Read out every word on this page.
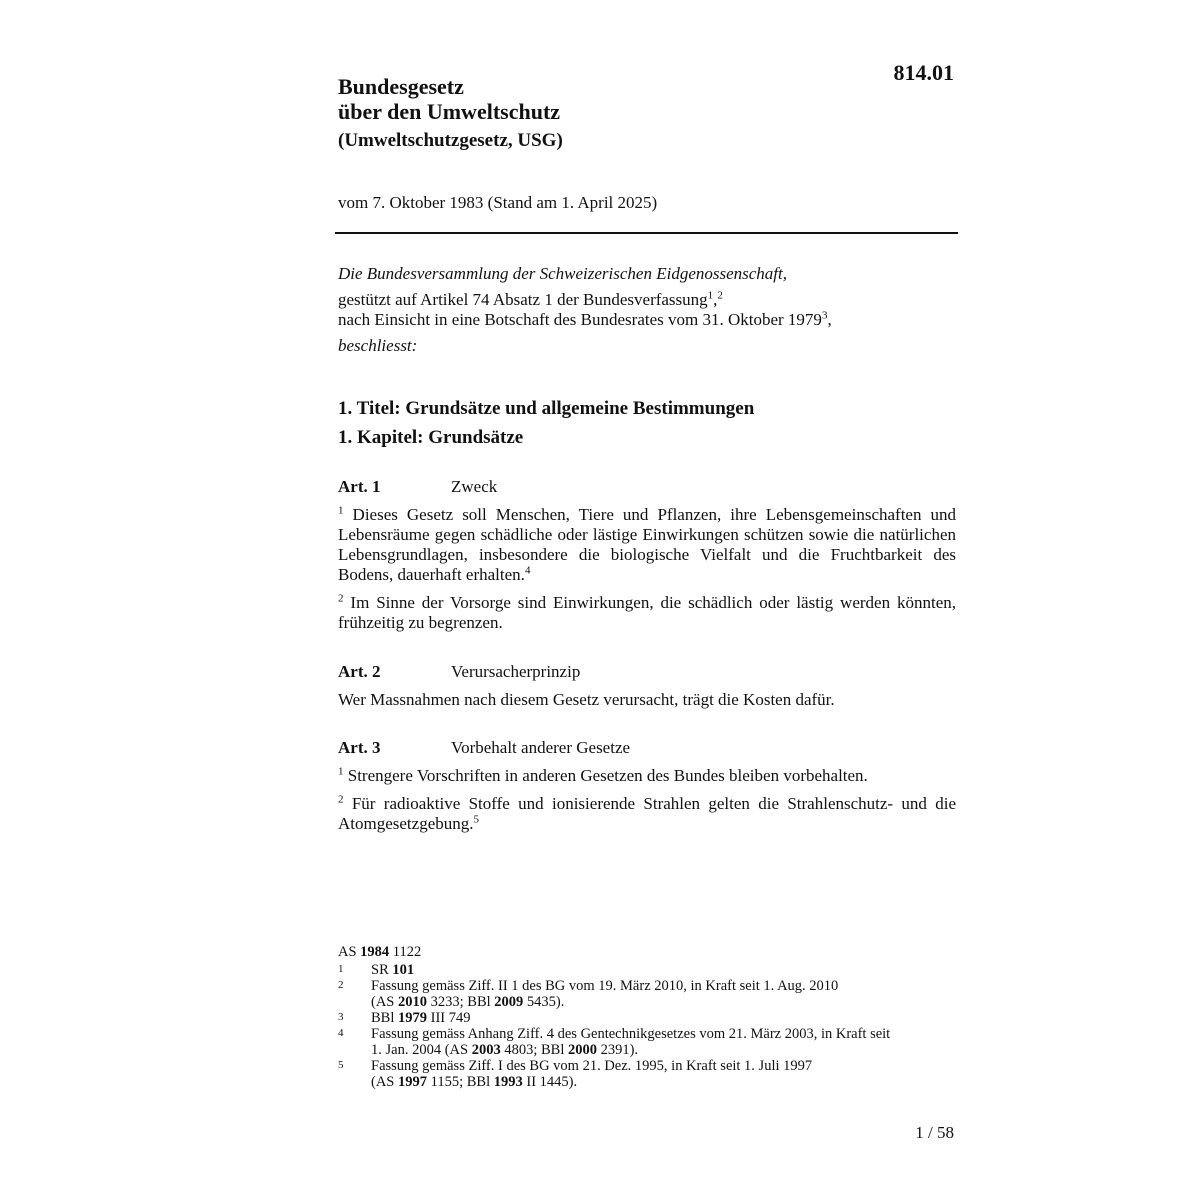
814.01
Bundesgesetz
über den Umweltschutz
(Umweltschutzgesetz, USG)
vom 7. Oktober 1983 (Stand am 1. April 2025)
Die Bundesversammlung der Schweizerischen Eidgenossenschaft,
gestützt auf Artikel 74 Absatz 1 der Bundesverfassung$^1$,$^2$
nach Einsicht in eine Botschaft des Bundesrates vom 31. Oktober 1979$^3$,
beschliesst:
1. Titel: Grundsätze und allgemeine Bestimmungen
1. Kapitel: Grundsätze
Art. 1	Zweck

$^1$ Dieses Gesetz soll Menschen, Tiere und Pflanzen, ihre Lebensgemeinschaften und Lebensräume gegen schädliche oder lästige Einwirkungen schützen sowie die natürlichen Lebensgrundlagen, insbesondere die biologische Vielfalt und die Fruchtbarkeit des Bodens, dauerhaft erhalten.$^4$

$^2$ Im Sinne der Vorsorge sind Einwirkungen, die schädlich oder lästig werden könnten, frühzeitig zu begrenzen.

Art. 2	Verursacherprinzip

Wer Massnahmen nach diesem Gesetz verursacht, trägt die Kosten dafür.

Art. 3	Vorbehalt anderer Gesetze

$^1$ Strengere Vorschriften in anderen Gesetzen des Bundes bleiben vorbehalten.

$^2$ Für radioaktive Stoffe und ionisierende Strahlen gelten die Strahlenschutz- und die Atomgesetzgebung.$^5$

AS 1984 1122
1	SR 101
2	Fassung gemäss Ziff. II 1 des BG vom 19. März 2010, in Kraft seit 1. Aug. 2010
(AS 2010 3233; BBl 2009 5435).
3	BBl 1979 III 749
4	Fassung gemäss Anhang Ziff. 4 des Gentechnikgesetzes vom 21. März 2003, in Kraft seit
1. Jan. 2004 (AS 2003 4803; BBl 2000 2391).
5	Fassung gemäss Ziff. I des BG vom 21. Dez. 1995, in Kraft seit 1. Juli 1997
(AS 1997 1155; BBl 1993 II 1445).
1 / 58
